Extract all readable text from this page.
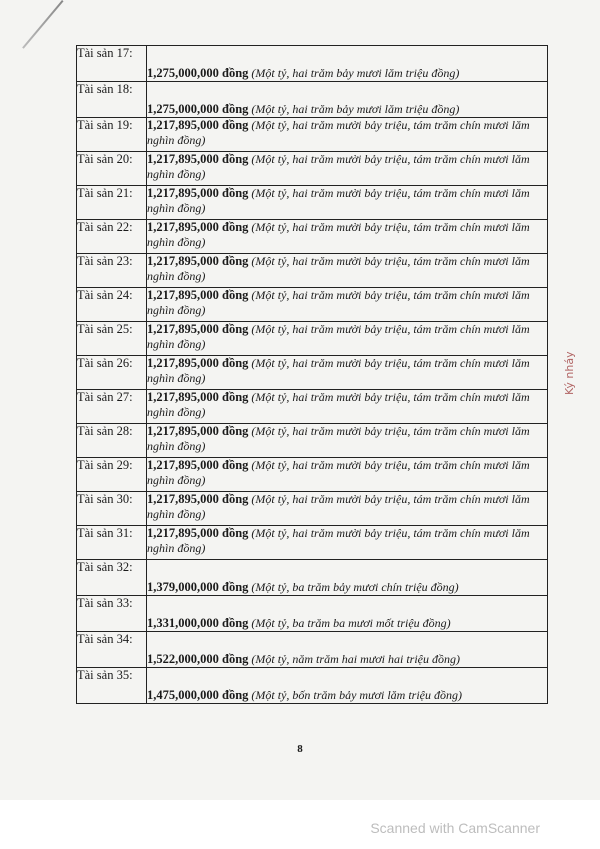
Tài sản 17:	1,275,000,000 đồng (Một tỷ, hai trăm bảy mươi lăm triệu đồng)
Tài sản 18:	1,275,000,000 đồng (Một tỷ, hai trăm bảy mươi lăm triệu đồng)
Tài sản 19:	1,217,895,000 đồng (Một tỷ, hai trăm mười bảy triệu, tám trăm chín mươi lăm nghìn đồng)
Tài sản 20:	1,217,895,000 đồng (Một tỷ, hai trăm mười bảy triệu, tám trăm chín mươi lăm nghìn đồng)
Tài sản 21:	1,217,895,000 đồng (Một tỷ, hai trăm mười bảy triệu, tám trăm chín mươi lăm nghìn đồng)
Tài sản 22:	1,217,895,000 đồng (Một tỷ, hai trăm mười bảy triệu, tám trăm chín mươi lăm nghìn đồng)
Tài sản 23:	1,217,895,000 đồng (Một tỷ, hai trăm mười bảy triệu, tám trăm chín mươi lăm nghìn đồng)
Tài sản 24:	1,217,895,000 đồng (Một tỷ, hai trăm mười bảy triệu, tám trăm chín mươi lăm nghìn đồng)
Tài sản 25:	1,217,895,000 đồng (Một tỷ, hai trăm mười bảy triệu, tám trăm chín mươi lăm nghìn đồng)
Tài sản 26:	1,217,895,000 đồng (Một tỷ, hai trăm mười bảy triệu, tám trăm chín mươi lăm nghìn đồng)
Tài sản 27:	1,217,895,000 đồng (Một tỷ, hai trăm mười bảy triệu, tám trăm chín mươi lăm nghìn đồng)
Tài sản 28:	1,217,895,000 đồng (Một tỷ, hai trăm mười bảy triệu, tám trăm chín mươi lăm nghìn đồng)
Tài sản 29:	1,217,895,000 đồng (Một tỷ, hai trăm mười bảy triệu, tám trăm chín mươi lăm nghìn đồng)
Tài sản 30:	1,217,895,000 đồng (Một tỷ, hai trăm mười bảy triệu, tám trăm chín mươi lăm nghìn đồng)
Tài sản 31:	1,217,895,000 đồng (Một tỷ, hai trăm mười bảy triệu, tám trăm chín mươi lăm nghìn đồng)
Tài sản 32:	1,379,000,000 đồng (Một tỷ, ba trăm bảy mươi chín triệu đồng)
Tài sản 33:	1,331,000,000 đồng (Một tỷ, ba trăm ba mươi mốt triệu đồng)
Tài sản 34:	1,522,000,000 đồng (Một tỷ, năm trăm hai mươi hai triệu đồng)
Tài sản 35:	1,475,000,000 đồng (Một tỷ, bốn trăm bảy mươi lăm triệu đồng)
8
Ký nháy
Scanned with CamScanner
